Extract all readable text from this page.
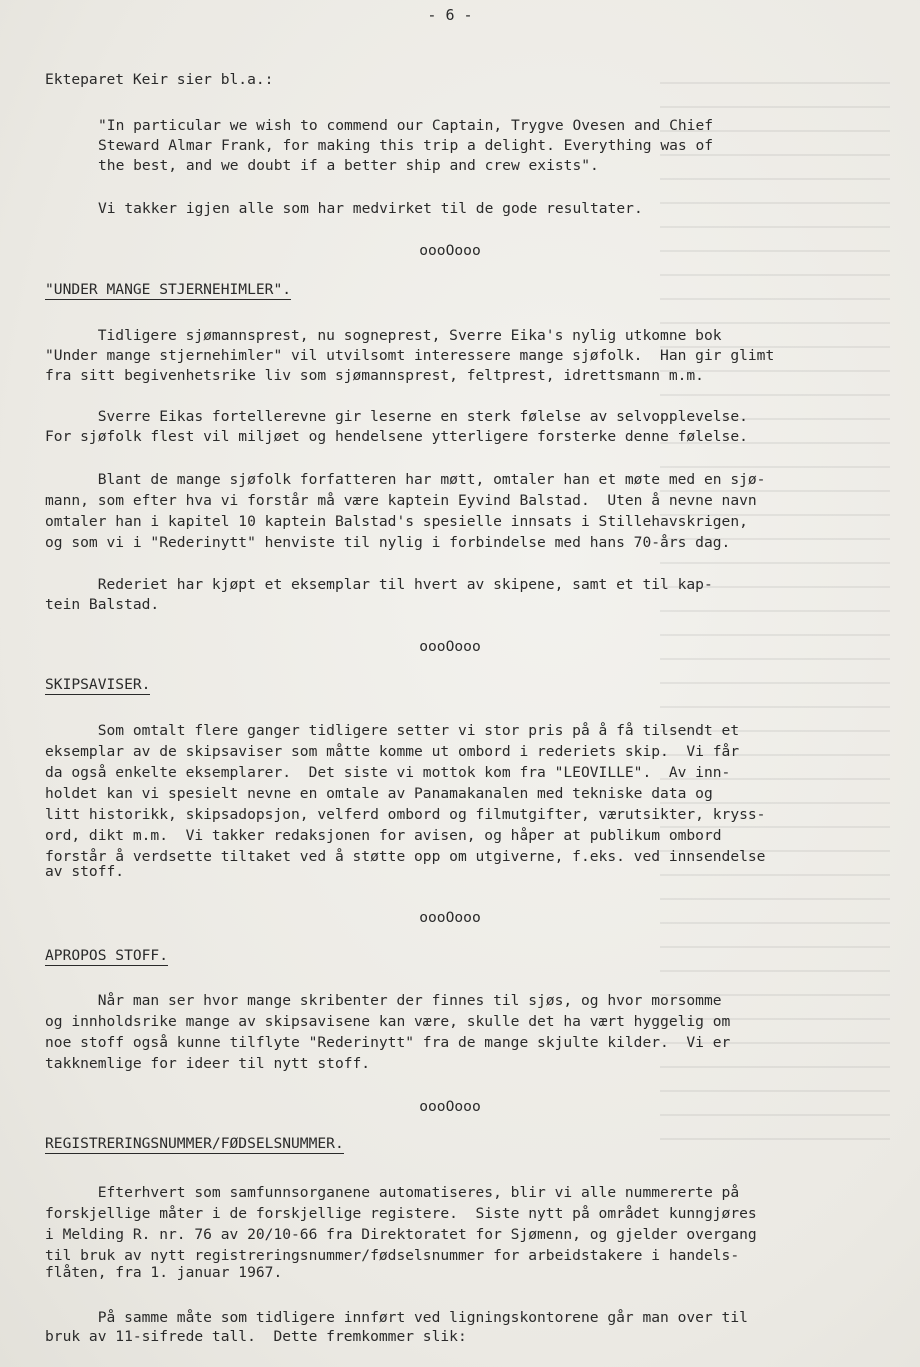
- 6 -
Ekteparet Keir sier bl.a.:
"In particular we wish to commend our Captain, Trygve Ovesen and Chief
Steward Almar Frank, for making this trip a delight. Everything was of
the best, and we doubt if a better ship and crew exists".
Vi takker igjen alle som har medvirket til de gode resultater.
oooOooo
"UNDER MANGE STJERNEHIMLER".
Tidligere sjømannsprest, nu sogneprest, Sverre Eika's nylig utkomne bok
"Under mange stjernehimler" vil utvilsomt interessere mange sjøfolk.  Han gir glimt
fra sitt begivenhetsrike liv som sjømannsprest, feltprest, idrettsmann m.m.
Sverre Eikas fortellerevne gir leserne en sterk følelse av selvopplevelse.
For sjøfolk flest vil miljøet og hendelsene ytterligere forsterke denne følelse.
Blant de mange sjøfolk forfatteren har møtt, omtaler han et møte med en sjø-
mann, som efter hva vi forstår må være kaptein Eyvind Balstad.  Uten å nevne navn
omtaler han i kapitel 10 kaptein Balstad's spesielle innsats i Stillehavskrigen,
og som vi i "Rederinytt" henviste til nylig i forbindelse med hans 70-års dag.
Rederiet har kjøpt et eksemplar til hvert av skipene, samt et til kap-
tein Balstad.
oooOooo
SKIPSAVISER.
Som omtalt flere ganger tidligere setter vi stor pris på å få tilsendt et
eksemplar av de skipsaviser som måtte komme ut ombord i rederiets skip.  Vi får
da også enkelte eksemplarer.  Det siste vi mottok kom fra "LEOVILLE".  Av inn-
holdet kan vi spesielt nevne en omtale av Panamakanalen med tekniske data og
litt historikk, skipsadopsjon, velferd ombord og filmutgifter, værutsikter, kryss-
ord, dikt m.m.  Vi takker redaksjonen for avisen, og håper at publikum ombord
forstår å verdsette tiltaket ved å støtte opp om utgiverne, f.eks. ved innsendelse
av stoff.
oooOooo
APROPOS STOFF.
Når man ser hvor mange skribenter der finnes til sjøs, og hvor morsomme
og innholdsrike mange av skipsavisene kan være, skulle det ha vært hyggelig om
noe stoff også kunne tilflyte "Rederinytt" fra de mange skjulte kilder.  Vi er
takknemlige for ideer til nytt stoff.
oooOooo
REGISTRERINGSNUMMER/FØDSELSNUMMER.
Efterhvert som samfunnsorganene automatiseres, blir vi alle nummererte på
forskjellige måter i de forskjellige registere.  Siste nytt på området kunngjøres
i Melding R. nr. 76 av 20/10-66 fra Direktoratet for Sjømenn, og gjelder overgang
til bruk av nytt registreringsnummer/fødselsnummer for arbeidstakere i handels-
flåten, fra 1. januar 1967.
På samme måte som tidligere innført ved ligningskontorene går man over til
bruk av 11-sifrede tall.  Dette fremkommer slik:
